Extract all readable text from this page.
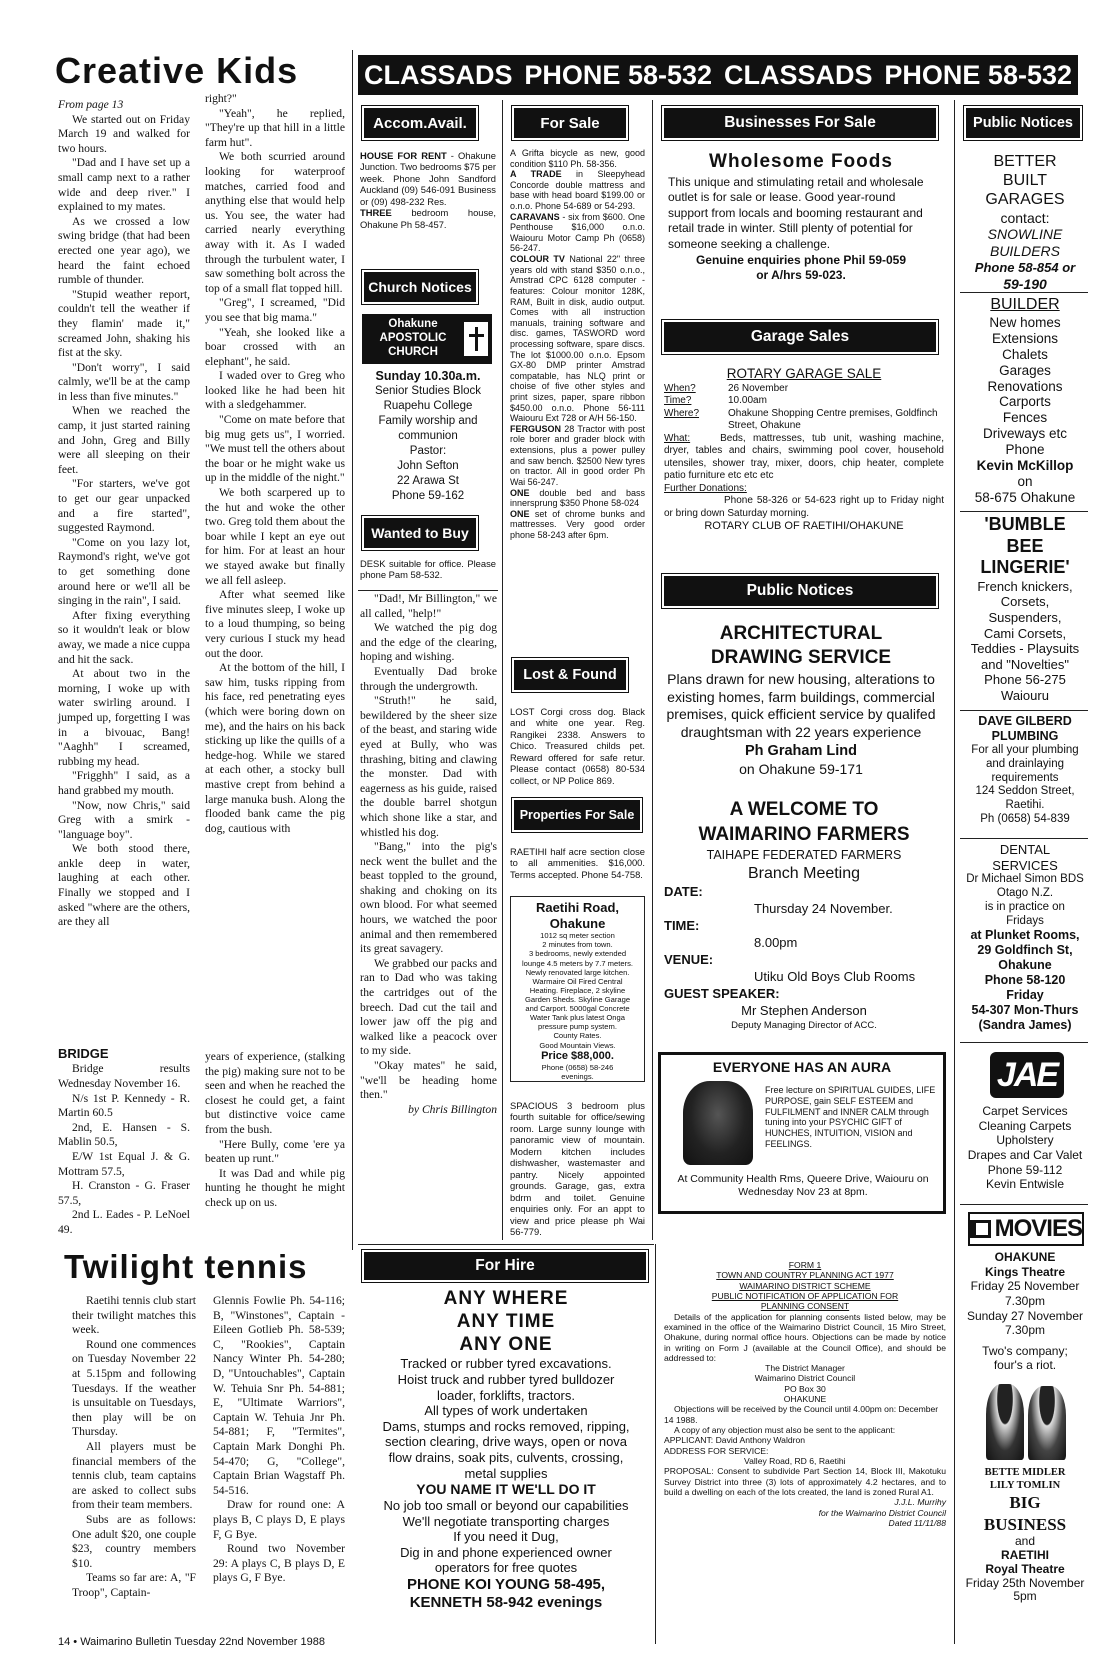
Creative Kids
From page 13
We started out on Friday March 19 and walked for two hours.
"Dad and I have set up a small camp next to a rather wide and deep river." I explained to my mates.
As we crossed a low swing bridge (that had been erected one year ago), we heard the faint echoed rumble of thunder.
"Stupid weather report, couldn't tell the weather if they flamin' made it," screamed John, shaking his fist at the sky.
"Don't worry", I said calmly, we'll be at the camp in less than five minutes."
When we reached the camp, it just started raining and John, Greg and Billy were all sleeping on their feet.
"For starters, we've got to get our gear unpacked and a fire started", suggested Raymond.
"Come on you lazy lot, Raymond's right, we've got to get something done around here or we'll all be singing in the rain", I said.
After fixing everything so it wouldn't leak or blow away, we made a nice cuppa and hit the sack.
At about two in the morning, I woke up with water swirling around. I jumped up, forgetting I was in a bivouac, Bang! "Aaghh" I screamed, rubbing my head.
"Frigghh" I said, as a hand grabbed my mouth.
"Now, now Chris," said Greg with a smirk - "language boy".
We both stood there, ankle deep in water, laughing at each other. Finally we stopped and I asked "where are the others, are they all
BRIDGE
Bridge results Wednesday November 16.
N/s 1st P. Kennedy - R. Martin 60.5
2nd, E. Hansen - S. Mablin 50.5,
E/W 1st Equal J. & G. Mottram 57.5,
H. Cranston - G. Fraser 57.5,
2nd L. Eades - P. LeNoel 49.
right?"
"Yeah", he replied, "They're up that hill in a little farm hut".
We both scurried around looking for waterproof matches, carried food and anything else that would help us. You see, the water had carried nearly everything away with it. As I waded through the turbulent water, I saw something bolt across the top of a small flat topped hill.
"Greg", I screamed, "Did you see that big mama."
"Yeah, she looked like a boar crossed with an elephant", he said.
I waded over to Greg who looked like he had been hit with a sledgehammer.
"Come on mate before that big mug gets us", I worried. "We must tell the others about the boar or he might wake us up in the middle of the night."
We both scarpered up to the hut and woke the other two. Greg told them about the boar while I kept an eye out for him. For at least an hour we stayed awake but finally we all fell asleep.
After what seemed like five minutes sleep, I woke up to a loud thumping, so being very curious I stuck my head out the door.
At the bottom of the hill, I saw him, tusks ripping from his face, red penetrating eyes (which were boring down on me), and the hairs on his back sticking up like the quills of a hedge-hog. While we stared at each other, a stocky bull mastive crept from behind a large manuka bush. Along the flooded bank came the pig dog, cautious with
years of experience, (stalking the pig) making sure not to be seen and when he reached the closest he could get, a faint but distinctive voice came from the bush.
"Here Bully, come 'ere ya beaten up runt."
It was Dad and while pig hunting he thought he might check up on us.
"Dad!, Mr Billington," we all called, "help!"
We watched the pig dog and the edge of the clearing, hoping and wishing.
Eventually Dad broke through the undergrowth.
"Struth!" he said, bewildered by the sheer size of the beast, and staring wide eyed at Bully, who was thrashing, biting and clawing the monster. Dad with eagerness as his guide, raised the double barrel shotgun which shone like a star, and whistled his dog.
"Bang," into the pig's neck went the bullet and the beast toppled to the ground, shaking and choking on its own blood. For what seemed hours, we watched the poor animal and then remembered its great savagery.
We grabbed our packs and ran to Dad who was taking the cartridges out of the breech. Dad cut the tail and lower jaw off the pig and walked like a peacock over to my side.
"Okay mates" he said, "we'll be heading home then."
by Chris Billington
Twilight tennis
Raetihi tennis club start their twilight matches this week.
Round one commences on Tuesday November 22 at 5.15pm and following Tuesdays. If the weather is unsuitable on Tuesdays, then play will be on Thursday.
All players must be financial members of the tennis club, team captains are asked to collect subs from their team members.
Subs are as follows: One adult $20, one couple $23, country members $10.
Teams so far are: A, "F Troop", Captain-
Glennis Fowlie Ph. 54-116; B, "Winstones", Captain - Eileen Gotlieb Ph. 58-539; C, "Rookies", Captain Nancy Winter Ph. 54-280; D, "Untouchables", Captain W. Tehuia Snr Ph. 54-881; E, "Ultimate Warriors", Captain W. Tehuia Jnr Ph. 54-881; F, "Termites", Captain Mark Donghi Ph. 54-470; G, "College", Captain Brian Wagstaff Ph. 54-516.
Draw for round one: A plays B, C plays D, E plays F, G Bye.
Round two November 29: A plays C, B plays D, E plays G, F Bye.
14 • Waimarino Bulletin Tuesday 22nd November 1988
CLASSADS PHONE 58-532 CLASSADS PHONE 58-532
Accom.Avail.
HOUSE FOR RENT - Ohakune Junction. Two bedrooms $75 per week. Phone John Sandford Auckland (09) 546-091 Business or (09) 498-232 Res.
THREE bedroom house, Ohakune Ph 58-457.
Church Notices
Ohakune
APOSTOLIC
CHURCH
Sunday 10.30a.m.
Senior Studies Block
Ruapehu College
Family worship and
communion
Pastor:
John Sefton
22 Arawa St
Phone 59-162
Wanted to Buy
DESK suitable for office. Please phone Pam 58-532.
For Sale
A Grifta bicycle as new, good condition $110 Ph. 58-356.
A TRADE in Sleepyhead Concorde double mattress and base with head board $199.00 or o.n.o. Phone 54-689 or 54-293.
CARAVANS - six from $600. One Penthouse $16,000 o.n.o. Waiouru Motor Camp Ph (0658) 56-247.
COLOUR TV National 22" three years old with stand $350 o.n.o., Amstrad CPC 6128 computer - features: Colour monitor 128K, RAM, Built in disk, audio output. Comes with all instruction manuals, training software and disc. games, TASWORD word processing software, spare discs. The lot $1000.00 o.n.o. Epsom GX-80 DMP printer Amstrad compatable, has NLQ print or choise of five other styles and print sizes, paper, spare ribbon $450.00 o.n.o. Phone 56-111 Waiouru Ext 728 or A/H 56-150.
FERGUSON 28 Tractor with post role borer and grader block with extensions, plus a power pulley and saw bench. $2500 New tyres on tractor. All in good order Ph Wai 56-247.
ONE double bed and bass innersprung $350 Phone 58-024
ONE set of chrome bunks and mattresses. Very good order phone 58-243 after 6pm.
Lost & Found
LOST Corgi cross dog. Black and white one year. Reg. Rangikei 2338. Answers to Chico. Treasured childs pet. Reward offered for safe retur. Please contact (0658) 80-534 collect, or NP Police 869.
Properties For Sale
RAETIHI half acre section close to all ammenities. $16,000. Terms accepted. Phone 54-758.
Raetihi Road,
Ohakune
1012 sq meter section
2 minutes from town.
3 bedrooms, newly extended
lounge 4.5 meters by 7.7 meters.
Newly renovated large kitchen.
Warmaire Oil Fired Central
Heating. Fireplace, 2 skyline
Garden Sheds. Skyline Garage
and Carport. 5000gal Concrete
Water Tank plus latest Onga
pressure pump system.
County Rates.
Good Mountain Views.
Price $88,000.
Phone (0658) 58-246
evenings.
SPACIOUS 3 bedroom plus fourth suitable for office/sewing room. Large sunny lounge with panoramic view of mountain. Modern kitchen includes dishwasher, wastemaster and pantry. Nicely appointed grounds. Garage, gas, extra bdrm and toilet. Genuine enquiries only. For an appt to view and price please ph Wai 56-779.
Businesses For Sale
Wholesome Foods
This unique and stimulating retail and wholesale outlet is for sale or lease. Good year-round support from locals and booming restaurant and retail trade in winter. Still plenty of potential for someone seeking a challenge.
Genuine enquiries phone Phil 59-059
or A/hrs 59-023.
Garage Sales
ROTARY GARAGE SALE
When?	26 November
Time?	10.00am
Where?	Ohakune Shopping Centre premises, Goldfinch Street, Ohakune
What:	Beds, mattresses, tub unit, washing machine, dryer, tables and chairs, swimming pool cover, household utensiles, shower tray, mixer, doors, chip heater, complete patio furniture etc etc etc
Further Donations:
Phone 58-326 or 54-623 right up to Friday night or bring down Saturday morning.
ROTARY CLUB OF RAETIHI/OHAKUNE
Public Notices
ARCHITECTURAL
DRAWING SERVICE
Plans drawn for new housing, alterations to existing homes, farm buildings, commercial premises, quick efficient service by qualifed draughtsman with 22 years experience
Ph Graham Lind
on Ohakune 59-171
A WELCOME TO
WAIMARINO FARMERS
TAIHAPE FEDERATED FARMERS
Branch Meeting
DATE:
Thursday 24 November.
TIME:
8.00pm
VENUE:
Utiku Old Boys Club Rooms
GUEST SPEAKER:
Mr Stephen Anderson
Deputy Managing Director of ACC.
EVERYONE HAS AN AURA
Free lecture on SPIRITUAL GUIDES, LIFE PURPOSE, gain SELF ESTEEM and FULFILMENT and INNER CALM through tuning into your PSYCHIC GIFT of HUNCHES, INTUITION, VISION and FEELINGS.
At Community Health Rms, Queere Drive, Waiouru on Wednesday Nov 23 at 8pm.
For Hire
ANY WHERE
ANY TIME
ANY ONE
Tracked or rubber tyred excavations.
Hoist truck and rubber tyred bulldozer
loader, forklifts, tractors.
All types of work undertaken
Dams, stumps and rocks removed, ripping,
section clearing, drive ways, open or nova
flow drains, soak pits, culvents, crossing,
metal supplies
YOU NAME IT WE'LL DO IT
No job too small or beyond our capabilities
We'll negotiate transporting charges
If you need it Dug,
Dig in and phone experienced owner
operators for free quotes
PHONE KOI YOUNG 58-495,
KENNETH 58-942 evenings
FORM 1
TOWN AND COUNTRY PLANNING ACT 1977
WAIMARINO DISTRICT SCHEME
PUBLIC NOTIFICATION OF APPLICATION FOR
PLANNING CONSENT
Details of the application for planning consents listed below, may be examined in the office of the Waimarino District Council, 15 Miro Street, Ohakune, during normal office hours. Objections can be made by notice in writing on Form J (available at the Council Office), and should be addressed to:
The District Manager
Waimarino District Council
PO Box 30
OHAKUNE
Objections will be received by the Council until 4.00pm on: December 14 1988.
A copy of any objection must also be sent to the applicant:
APPLICANT: David Anthony Waldron
ADDRESS FOR SERVICE:
Valley Road, RD 6, Raetihi
PROPOSAL: Consent to subdivide Part Section 14, Block III, Makotuku Survey District into three (3) lots of approximately 4.2 hectares, and to build a dwelling on each of the lots created, the land is zoned Rural A1.
J.J.L. Murrihy
for the Waimarino District Council
Dated 11/11/88
Public Notices
BETTER
BUILT
GARAGES
contact:
SNOWLINE
BUILDERS
Phone 58-854 or
59-190
BUILDER
New homes
Extensions
Chalets
Garages
Renovations
Carports
Fences
Driveways etc
Phone
Kevin McKillop
on
58-675 Ohakune
'BUMBLE
BEE
LINGERIE'
French knickers,
Corsets,
Suspenders,
Cami Corsets,
Teddies - Playsuits
and "Novelties"
Phone 56-275
Waiouru
DAVE GILBERD
PLUMBING
For all your plumbing
and drainlaying
requirements
124 Seddon Street,
Raetihi.
Ph (0658) 54-839
DENTAL
SERVICES
Dr Michael Simon BDS
Otago N.Z.
is in practice on
Fridays
at Plunket Rooms,
29 Goldfinch St,
Ohakune
Phone 58-120
Friday
54-307 Mon-Thurs
(Sandra James)
JAE
Carpet Services
Cleaning Carpets
Upholstery
Drapes and Car Valet
Phone 59-112
Kevin Entwisle
MOVIES
OHAKUNE
Kings Theatre
Friday 25 November
7.30pm
Sunday 27 November
7.30pm
Two's company;
four's a riot.
BETTE MIDLER
LILY TOMLIN
BIG
BUSINESS
and
RAETIHI
Royal Theatre
Friday 25th November
5pm
